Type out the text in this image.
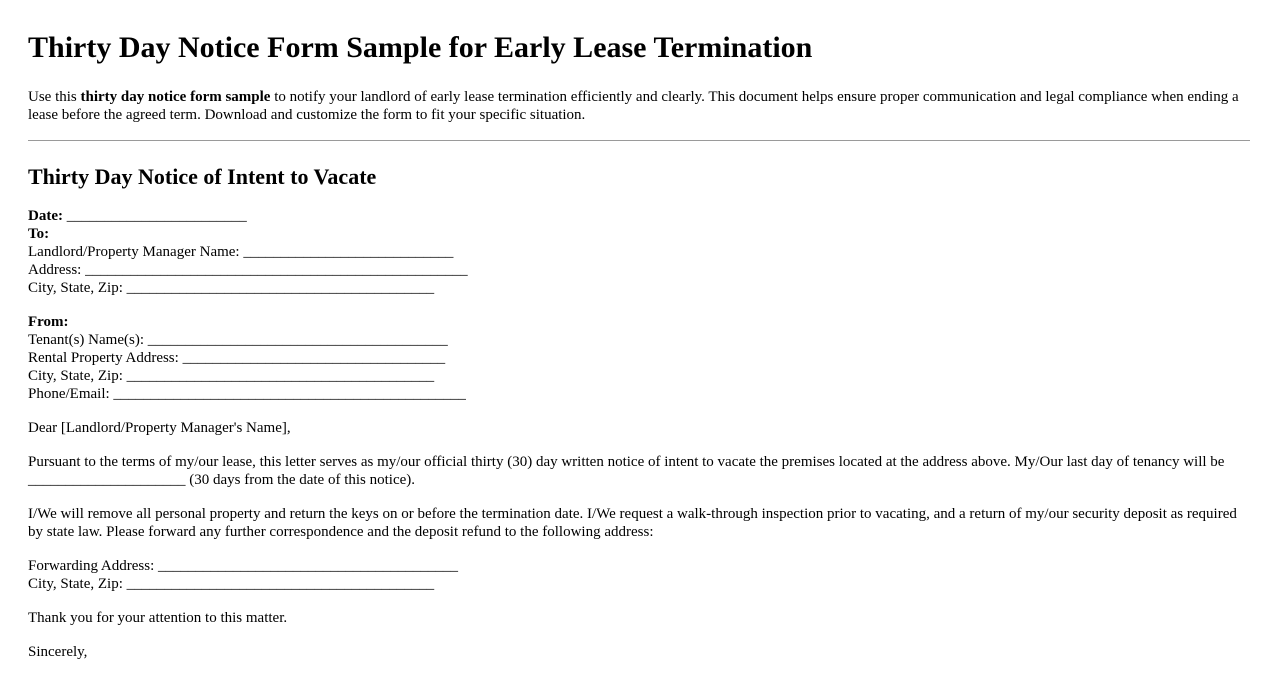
Thirty Day Notice Form Sample for Early Lease Termination

Use this thirty day notice form sample to notify your landlord of early lease termination efficiently and clearly. This document helps ensure proper communication and legal compliance when ending a lease before the agreed term. Download and customize the form to fit your specific situation.

Thirty Day Notice of Intent to Vacate
Date: ________________________
To:
Landlord/Property Manager Name: ____________________________
Address: ___________________________________________________
City, State, Zip: _________________________________________
From:
Tenant(s) Name(s): ________________________________________
Rental Property Address: ___________________________________
City, State, Zip: _________________________________________
Phone/Email: _______________________________________________

Dear [Landlord/Property Manager's Name],

Pursuant to the terms of my/our lease, this letter serves as my/our official thirty (30) day written notice of intent to vacate the premises located at the address above. My/Our last day of tenancy will be _____________________ (30 days from the date of this notice).

I/We will remove all personal property and return the keys on or before the termination date. I/We request a walk-through inspection prior to vacating, and a return of my/our security deposit as required by state law. Please forward any further correspondence and the deposit refund to the following address:

Forwarding Address: ________________________________________
City, State, Zip: _________________________________________

Thank you for your attention to this matter.

Sincerely,
